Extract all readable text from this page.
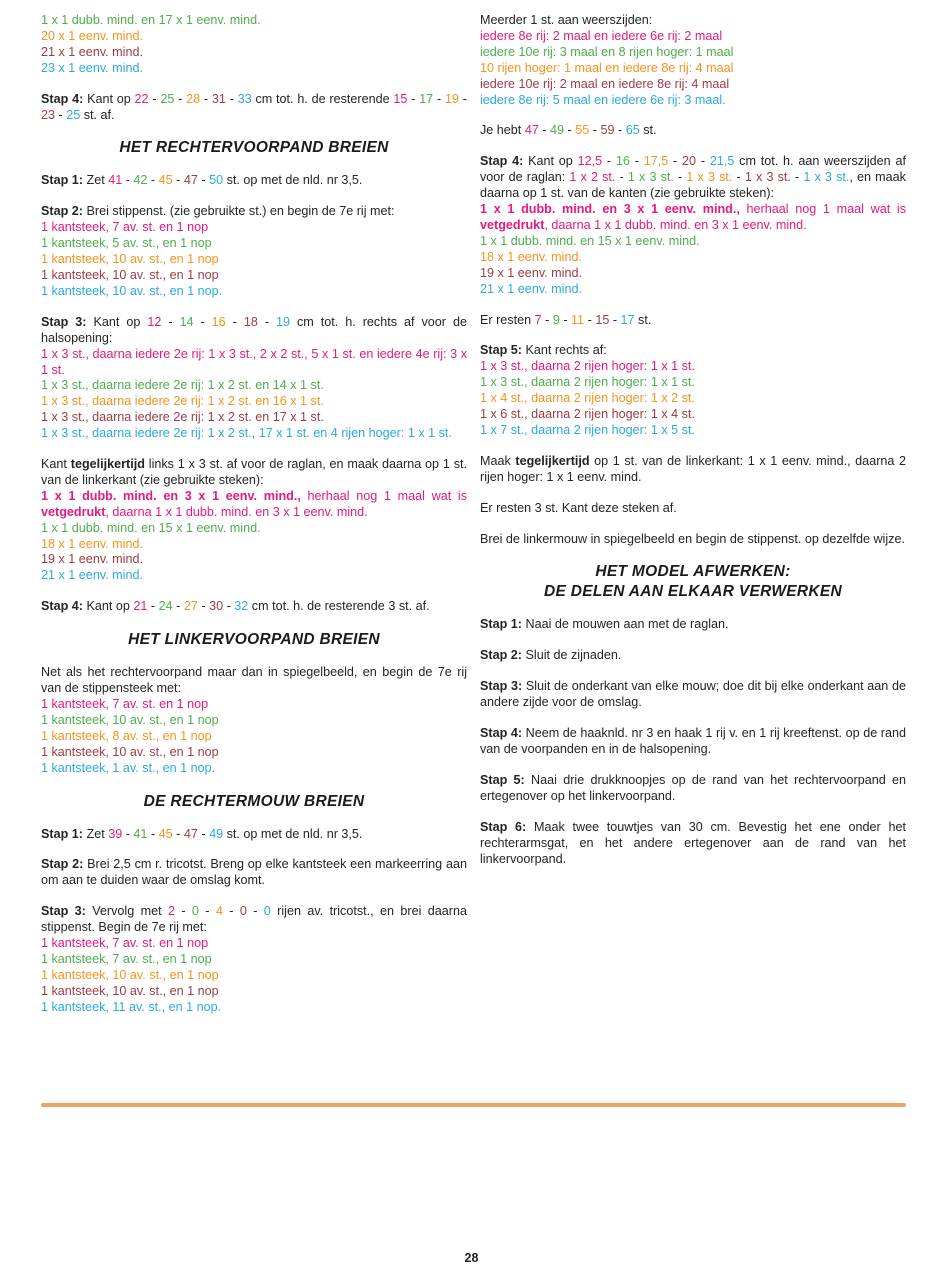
1 x 1 dubb. mind. en 17 x 1 eenv. mind.
20 x 1 eenv. mind.
21 x 1 eenv. mind.
23 x 1 eenv. mind.

Stap 4: Kant op 22 - 25 - 28 - 31 - 33 cm tot. h. de resterende 15 - 17 - 19 - 23 - 25 st. af.

HET RECHTERVOORPAND BREIEN

Stap 1: Zet 41 - 42 - 45 - 47 - 50 st. op met de nld. nr 3,5.

Stap 2: Brei stippenst. (zie gebruikte st.) en begin de 7e rij met:

1 kantsteek, 7 av. st. en 1 nop
1 kantsteek, 5 av. st., en 1 nop
1 kantsteek, 10 av. st., en 1 nop
1 kantsteek, 10 av. st., en 1 nop
1 kantsteek, 10 av. st., en 1 nop.

Stap 3: Kant op 12 - 14 - 16 - 18 - 19 cm tot. h. rechts af voor de halsopening:

1 x 3 st., daarna iedere 2e rij: 1 x 3 st., 2 x 2 st., 5 x 1 st. en iedere 4e rij: 3 x 1 st.
1 x 3 st., daarna iedere 2e rij: 1 x 2 st. en 14 x 1 st.
1 x 3 st., daarna iedere 2e rij: 1 x 2 st. en 16 x 1 st.
1 x 3 st., daarna iedere 2e rij: 1 x 2 st. en 17 x 1 st.
1 x 3 st., daarna iedere 2e rij: 1 x 2 st., 17 x 1 st. en 4 rijen hoger: 1 x 1 st.

Kant tegelijkertijd links 1 x 3 st. af voor de raglan, en maak daarna op 1 st. van de linkerkant (zie gebruikte steken):

1 x 1 dubb. mind. en 3 x 1 eenv. mind., herhaal nog 1 maal wat is vetgedrukt, daarna 1 x 1 dubb. mind. en 3 x 1 eenv. mind.
1 x 1 dubb. mind. en 15 x 1 eenv. mind.
18 x 1 eenv. mind.
19 x 1 eenv. mind.
21 x 1 eenv. mind.

Stap 4: Kant op 21 - 24 - 27 - 30 - 32 cm tot. h. de resterende 3 st. af.

HET LINKERVOORPAND BREIEN

Net als het rechtervoorpand maar dan in spiegelbeeld, en begin de 7e rij van de stippensteek met:

1 kantsteek, 7 av. st. en 1 nop
1 kantsteek, 10 av. st., en 1 nop
1 kantsteek, 8 av. st., en 1 nop
1 kantsteek, 10 av. st., en 1 nop
1 kantsteek, 1 av. st., en 1 nop.
DE RECHTERMOUW BREIEN

Stap 1: Zet 39 - 41 - 45 - 47 - 49 st. op met de nld. nr 3,5.

Stap 2: Brei 2,5 cm r. tricotst. Breng op elke kantsteek een markeerring aan om aan te duiden waar de omslag komt.

Stap 3: Vervolg met 2 - 0 - 4 - 0 - 0 rijen av. tricotst., en brei daarna stippenst. Begin de 7e rij met:

1 kantsteek, 7 av. st. en 1 nop
1 kantsteek, 7 av. st., en 1 nop
1 kantsteek, 10 av. st., en 1 nop
1 kantsteek, 10 av. st., en 1 nop
1 kantsteek, 11 av. st., en 1 nop.

Meerder 1 st. aan weerszijden:

iedere 8e rij: 2 maal en iedere 6e rij: 2 maal
iedere 10e rij: 3 maal en 8 rijen hoger: 1 maal
10 rijen hoger: 1 maal en iedere 8e rij: 4 maal
iedere 10e rij: 2 maal en iedere 8e rij: 4 maal
iedere 8e rij: 5 maal en iedere 6e rij: 3 maal.

Je hebt 47 - 49 - 55 - 59 - 65 st.

Stap 4: Kant op 12,5 - 16 - 17,5 - 20 - 21,5 cm tot. h. aan weerszijden af voor de raglan: 1 x 2 st. - 1 x 3 st. - 1 x 3 st. - 1 x 3 st. - 1 x 3 st., en maak daarna op 1 st. van de kanten (zie gebruikte steken):

1 x 1 dubb. mind. en 3 x 1 eenv. mind., herhaal nog 1 maal wat is vetgedrukt, daarna 1 x 1 dubb. mind. en 3 x 1 eenv. mind.
1 x 1 dubb. mind. en 15 x 1 eenv. mind.
18 x 1 eenv. mind.
19 x 1 eenv. mind.
21 x 1 eenv. mind.

Er resten 7 - 9 - 11 - 15 - 17 st.

Stap 5: Kant rechts af:

1 x 3 st., daarna 2 rijen hoger: 1 x 1 st.
1 x 3 st., daarna 2 rijen hoger: 1 x 1 st.
1 x 4 st., daarna 2 rijen hoger: 1 x 2 st.
1 x 6 st., daarna 2 rijen hoger: 1 x 4 st.
1 x 7 st., daarna 2 rijen hoger: 1 x 5 st.

Maak tegelijkertijd op 1 st. van de linkerkant: 1 x 1 eenv. mind., daarna 2 rijen hoger: 1 x 1 eenv. mind.

Er resten 3 st. Kant deze steken af.

Brei de linkermouw in spiegelbeeld en begin de stippenst. op dezelfde wijze.

HET MODEL AFWERKEN:
DE DELEN AAN ELKAAR VERWERKEN

Stap 1: Naai de mouwen aan met de raglan.

Stap 2: Sluit de zijnaden.

Stap 3: Sluit de onderkant van elke mouw; doe dit bij elke onderkant aan de andere zijde voor de omslag.

Stap 4: Neem de haaknld. nr 3 en haak 1 rij v. en 1 rij kreeftenst. op de rand van de voorpanden en in de halsopening.

Stap 5: Naai drie drukknoopjes op de rand van het rechtervoorpand en ertegenover op het linkervoorpand.

Stap 6: Maak twee touwtjes van 30 cm. Bevestig het ene onder het rechterarmsgat, en het andere ertegenover aan de rand van het linkervoorpand.

28
